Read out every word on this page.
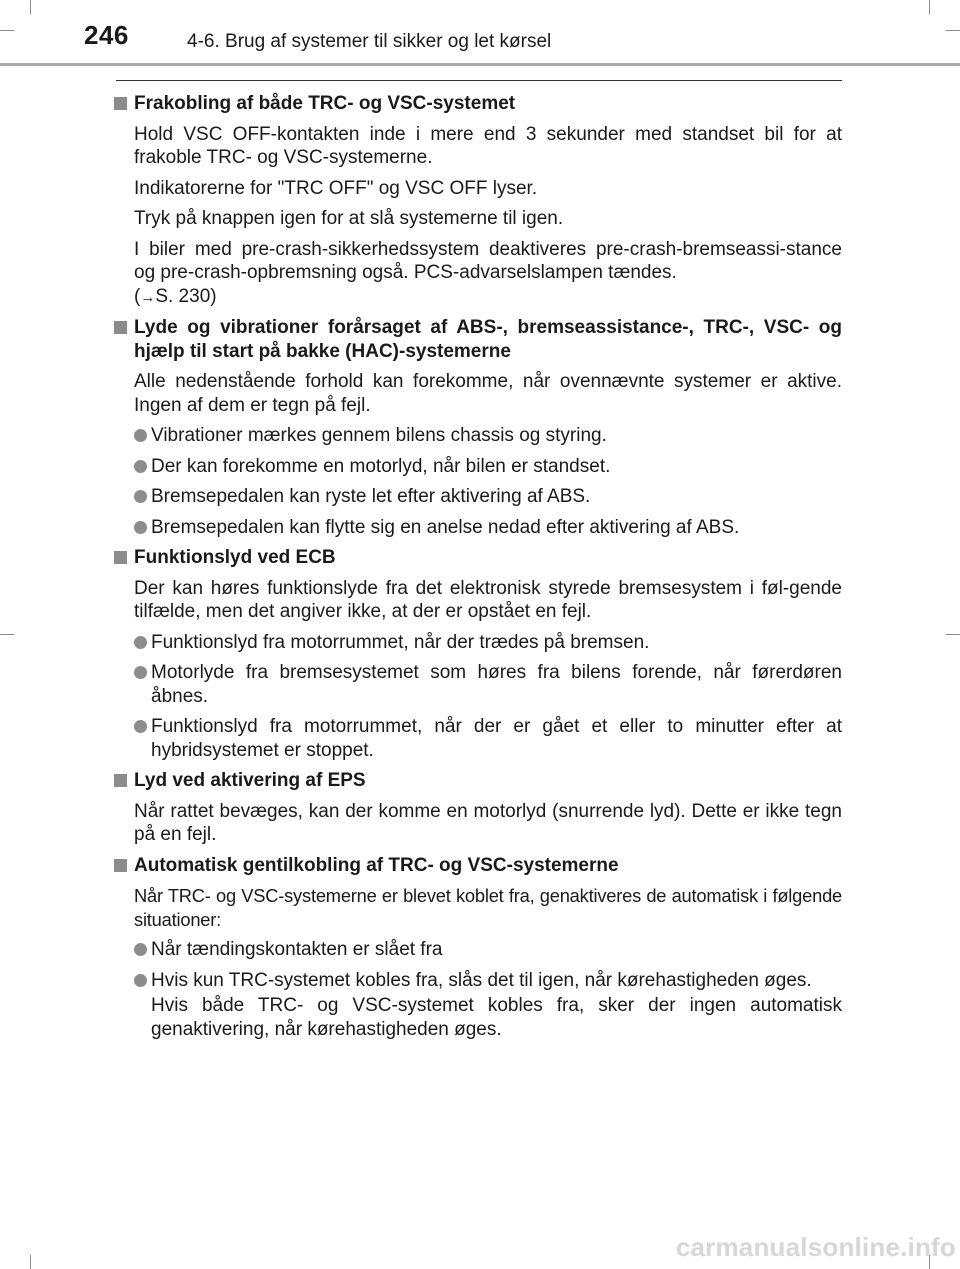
246	4-6. Brug af systemer til sikker og let kørsel
Frakobling af både TRC- og VSC-systemet

Hold VSC OFF-kontakten inde i mere end 3 sekunder med standset bil for at frakoble TRC- og VSC-systemerne.

Indikatorerne for "TRC OFF" og VSC OFF lyser.

Tryk på knappen igen for at slå systemerne til igen.

I biler med pre-crash-sikkerhedssystem deaktiveres pre-crash-bremseassi-stance og pre-crash-opbremsning også. PCS-advarselslampen tændes.
(→S. 230)

Lyde og vibrationer forårsaget af ABS-, bremseassistance-, TRC-, VSC- og hjælp til start på bakke (HAC)-systemerne

Alle nedenstående forhold kan forekomme, når ovennævnte systemer er aktive. Ingen af dem er tegn på fejl.

Vibrationer mærkes gennem bilens chassis og styring.
Der kan forekomme en motorlyd, når bilen er standset.
Bremsepedalen kan ryste let efter aktivering af ABS.
Bremsepedalen kan flytte sig en anelse nedad efter aktivering af ABS.
Funktionslyd ved ECB

Der kan høres funktionslyde fra det elektronisk styrede bremsesystem i føl-gende tilfælde, men det angiver ikke, at der er opstået en fejl.

Funktionslyd fra motorrummet, når der trædes på bremsen.
Motorlyde fra bremsesystemet som høres fra bilens forende, når førerdøren åbnes.
Funktionslyd fra motorrummet, når der er gået et eller to minutter efter at hybridsystemet er stoppet.
Lyd ved aktivering af EPS

Når rattet bevæges, kan der komme en motorlyd (snurrende lyd). Dette er ikke tegn på en fejl.

Automatisk gentilkobling af TRC- og VSC-systemerne

Når TRC- og VSC-systemerne er blevet koblet fra, genaktiveres de automatisk i følgende situationer:

Når tændingskontakten er slået fra
Hvis kun TRC-systemet kobles fra, slås det til igen, når kørehastigheden øges.
Hvis både TRC- og VSC-systemet kobles fra, sker der ingen automatisk genaktivering, når kørehastigheden øges.
carmanualsonline.info
